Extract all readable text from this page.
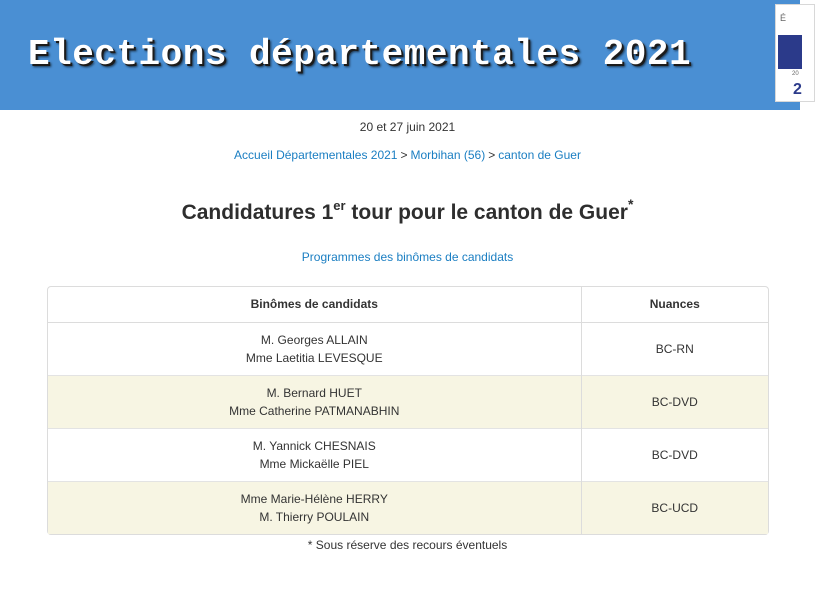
Elections départementales 2021
É
20
2
20 et 27 juin 2021
Accueil Départementales 2021 > Morbihan (56) > canton de Guer
Candidatures 1er tour pour le canton de Guer*
Programmes des binômes de candidats
Binômes de candidats	Nuances

M. Georges ALLAIN
Mme Laetitia LEVESQUE	BC-RN

M. Bernard HUET
Mme Catherine PATMANABHIN	BC-DVD

M. Yannick CHESNAIS
Mme Mickaëlle PIEL	BC-DVD

Mme Marie-Hélène HERRY
M. Thierry POULAIN	BC-UCD
* Sous réserve des recours éventuels
